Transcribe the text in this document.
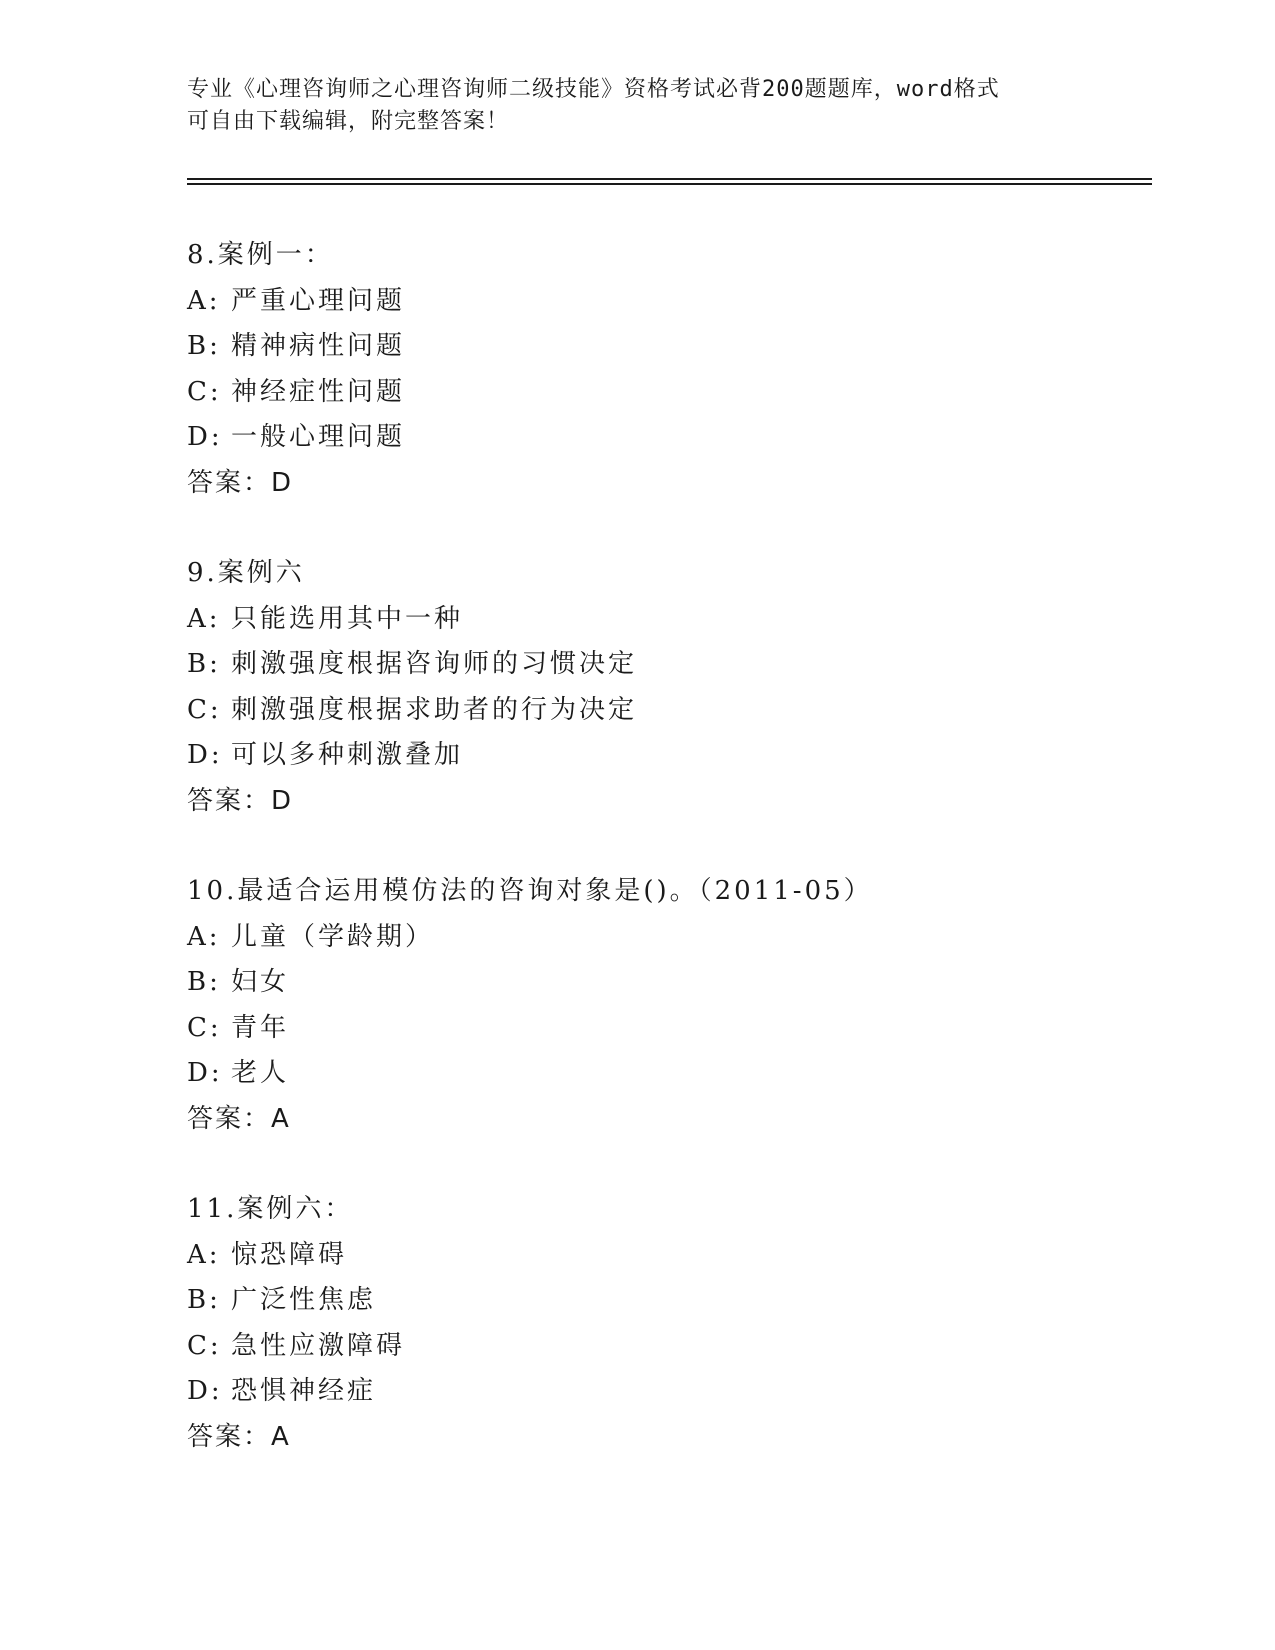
专业《心理咨询师之心理咨询师二级技能》资格考试必背200题题库，word格式
可自由下载编辑，附完整答案！
8.案例一：
A: 严重心理问题
B: 精神病性问题
C: 神经症性问题
D: 一般心理问题
答案：D
9.案例六
A: 只能选用其中一种
B: 刺激强度根据咨询师的习惯决定
C: 刺激强度根据求助者的行为决定
D: 可以多种刺激叠加
答案：D
10.最适合运用模仿法的咨询对象是()。（2011-05）
A: 儿童（学龄期）
B: 妇女
C: 青年
D: 老人
答案：A
11.案例六：
A: 惊恐障碍
B: 广泛性焦虑
C: 急性应激障碍
D: 恐惧神经症
答案：A
